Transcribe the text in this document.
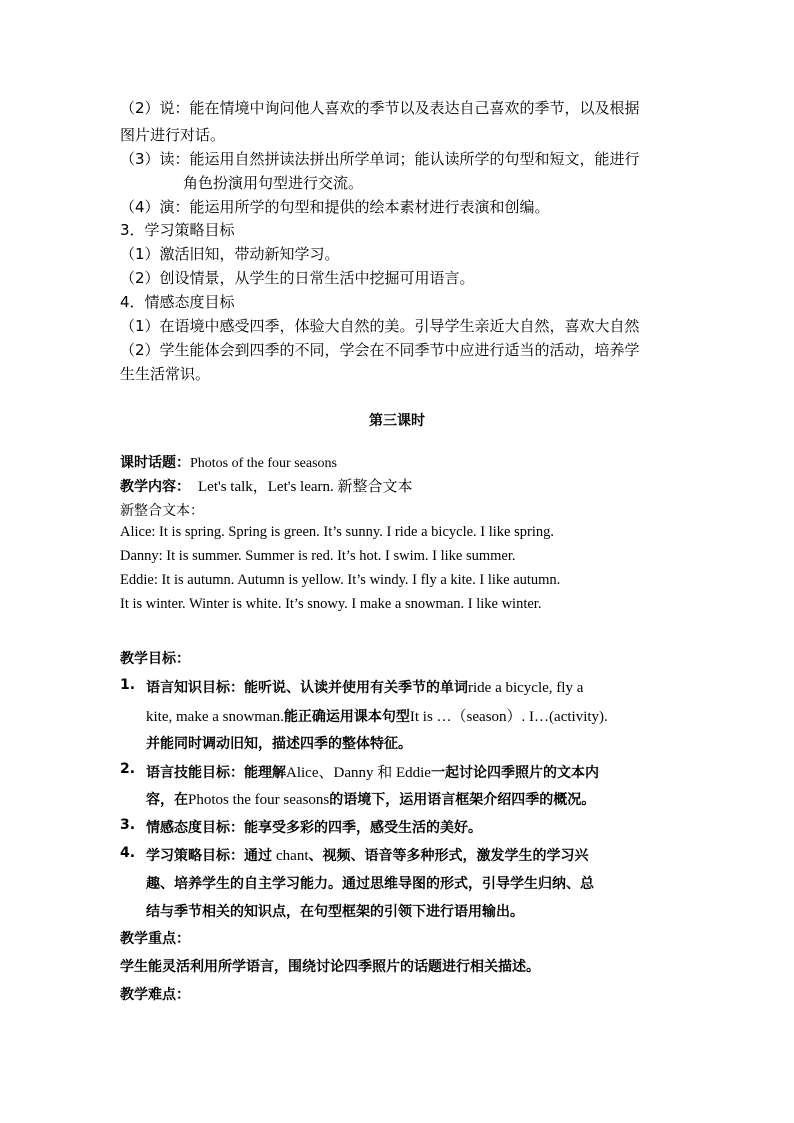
（2）说：能在情境中询问他人喜欢的季节以及表达自己喜欢的季节，以及根据
图片进行对话。
（3）读：能运用自然拼读法拼出所学单词；能认读所学的句型和短文，能进行
角色扮演用句型进行交流。
（4）演：能运用所学的句型和提供的绘本素材进行表演和创编。
3．学习策略目标
（1）激活旧知，带动新知学习。
（2）创设情景，从学生的日常生活中挖掘可用语言。
4．情感态度目标
（1）在语境中感受四季，体验大自然的美。引导学生亲近大自然，喜欢大自然
（2）学生能体会到四季的不同，学会在不同季节中应进行适当的活动，培养学
生生活常识。
第三课时
课时话题：Photos of the four seasons
教学内容： Let's talk，Let's learn. 新整合文本
新整合文本：
Alice: It is spring. Spring is green. It’s sunny. I ride a bicycle. I like spring.
Danny: It is summer. Summer is red. It’s hot. I swim. I like summer.
Eddie: It is autumn. Autumn is yellow. It’s windy. I fly a kite. I like autumn.
It is winter. Winter is white. It’s snowy. I make a snowman. I like winter.
教学目标：
1. 语言知识目标：能听说、认读并使用有关季节的单词ride a bicycle, fly a
kite, make a snowman.能正确运用课本句型It is …（season）. I…(activity).
并能同时调动旧知，描述四季的整体特征。
2. 语言技能目标：能理解Alice、Danny 和 Eddie一起讨论四季照片的文本内
容，在Photos the four seasons的语境下，运用语言框架介绍四季的概况。
3. 情感态度目标：能享受多彩的四季，感受生活的美好。
4. 学习策略目标：通过 chant、视频、语音等多种形式，激发学生的学习兴
趣、培养学生的自主学习能力。通过思维导图的形式，引导学生归纳、总
结与季节相关的知识点，在句型框架的引领下进行语用输出。
教学重点：
学生能灵活利用所学语言，围绕讨论四季照片的话题进行相关描述。
教学难点：
